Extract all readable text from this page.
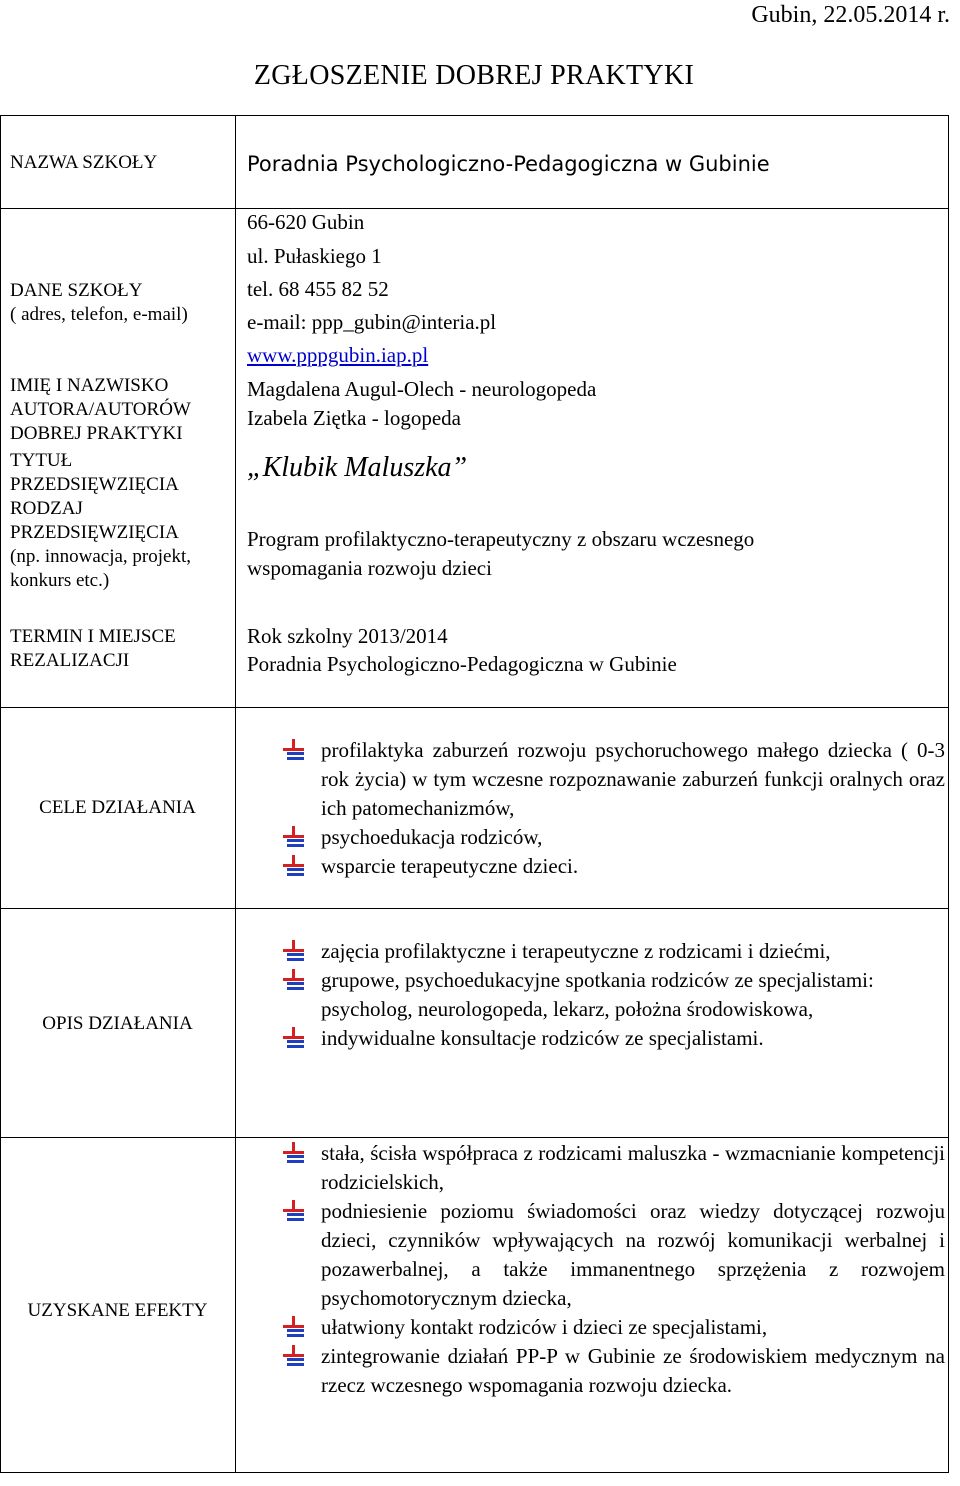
Gubin, 22.05.2014 r.
ZGŁOSZENIE DOBREJ PRAKTYKI
NAZWA SZKOŁY	Poradnia Psychologiczno-Pedagogiczna w Gubinie
DANE SZKOŁY
( adres, telefon, e-mail)
66-620 Gubin
ul. Pułaskiego 1
tel. 68 455 82 52
e-mail: ppp_gubin@interia.pl
www.pppgubin.iap.pl
IMIĘ I NAZWISKO AUTORA/AUTORÓW DOBREJ PRAKTYKI
Magdalena Augul-Olech - neurologopeda
Izabela Ziętka - logopeda
TYTUŁ PRZEDSIĘWZIĘCIA
„Klubik Maluszka”
RODZAJ PRZEDSIĘWZIĘCIA
(np. innowacja, projekt, konkurs etc.)
Program profilaktyczno-terapeutyczny z obszaru wczesnego
wspomagania rozwoju dzieci
TERMIN I MIEJSCE REZALIZACJI
Rok szkolny 2013/2014
Poradnia Psychologiczno-Pedagogiczna w Gubinie
CELE DZIAŁANIA
profilaktyka zaburzeń rozwoju psychoruchowego małego dziecka ( 0-3 rok życia) w tym wczesne rozpoznawanie zaburzeń funkcji oralnych oraz ich patomechanizmów,
psychoedukacja rodziców,
wsparcie terapeutyczne dzieci.
OPIS DZIAŁANIA
zajęcia profilaktyczne i terapeutyczne z rodzicami i dziećmi,
grupowe, psychoedukacyjne spotkania rodziców ze specjalistami: psycholog, neurologopeda, lekarz, położna środowiskowa,
indywidualne konsultacje rodziców ze specjalistami.
UZYSKANE EFEKTY
stała, ścisła współpraca z rodzicami maluszka - wzmacnianie kompetencji rodzicielskich,
podniesienie poziomu świadomości oraz wiedzy dotyczącej rozwoju dzieci, czynników wpływających na rozwój komunikacji werbalnej i pozawerbalnej, a także immanentnego sprzężenia z rozwojem psychomotorycznym dziecka,
ułatwiony kontakt rodziców i dzieci ze specjalistami,
zintegrowanie działań PP-P w Gubinie ze środowiskiem medycznym na rzecz wczesnego wspomagania rozwoju dziecka.
